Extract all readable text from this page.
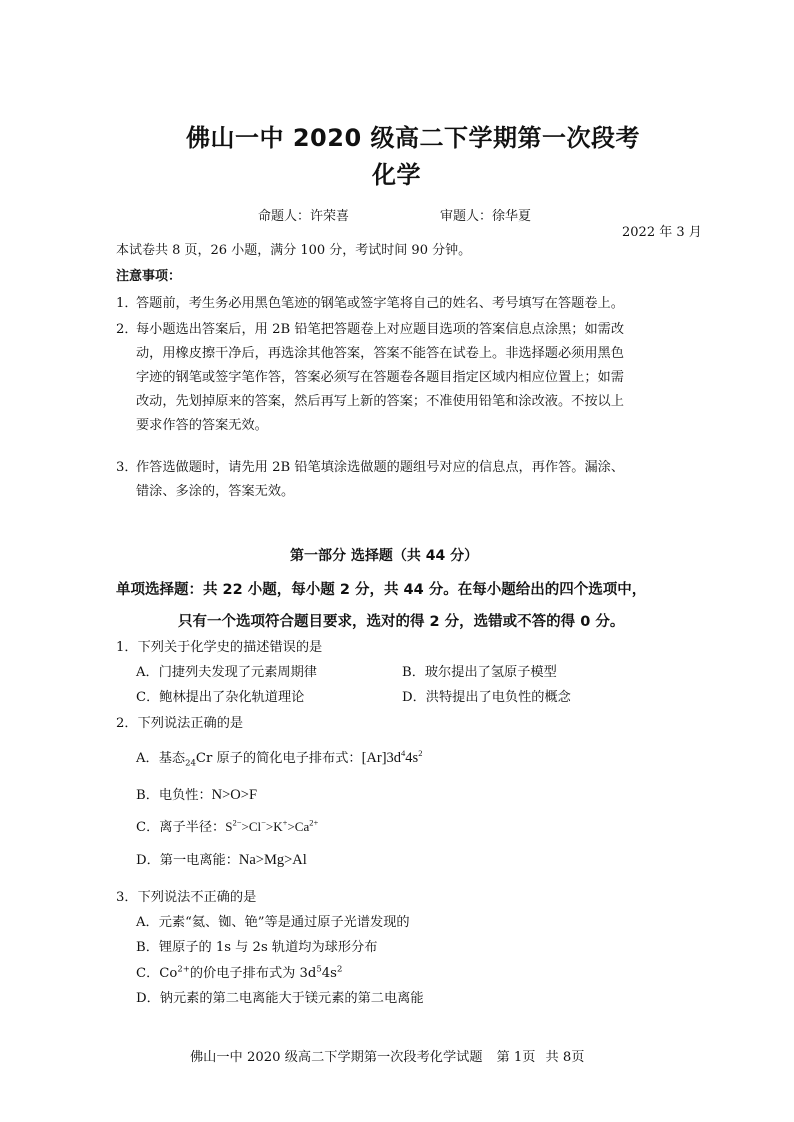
佛山一中 2020 级高二下学期第一次段考
化学
命题人：许荣喜	审题人：徐华夏
2022 年 3 月
本试卷共 8 页，26 小题，满分 100 分，考试时间 90 分钟。
注意事项：
1．
答题前，考生务必用黑色笔迹的钢笔或签字笔将自己的姓名、考号填写在答题卷上。
2．
每小题选出答案后，用 2B 铅笔把答题卷上对应题目选项的答案信息点涂黑；如需改
动，用橡皮擦干净后，再选涂其他答案，答案不能答在试卷上。非选择题必须用黑色
字迹的钢笔或签字笔作答，答案必须写在答题卷各题目指定区域内相应位置上；如需
改动，先划掉原来的答案，然后再写上新的答案；不准使用铅笔和涂改液。不按以上
要求作答的答案无效。
3．
作答选做题时，请先用 2B 铅笔填涂选做题的题组号对应的信息点，再作答。漏涂、
错涂、多涂的，答案无效。
第一部分 选择题（共 44 分）
单项选择题：共 22 小题，每小题 2 分，共 44 分。在每小题给出的四个选项中，
只有一个选项符合题目要求，选对的得 2 分，选错或不答的得 0 分。
1．下列关于化学史的描述错误的是
A．门捷列夫发现了元素周期律	B．玻尔提出了氢原子模型
C．鲍林提出了杂化轨道理论	D．洪特提出了电负性的概念
2．下列说法正确的是
A．基态$_{24}$Cr 原子的简化电子排布式：$[Ar]3d^44s^2$
B．电负性：N>O>F
C．离子半径：$S^{2-}>Cl^->K^+>Ca^{2+}$
D．第一电离能：Na>Mg>Al
3．下列说法不正确的是
A．元素“氦、铷、铯”等是通过原子光谱发现的
B．锂原子的 1s 与 2s 轨道均为球形分布
C．$Co^{2+}$的价电子排布式为 $3d^54s^2$
D．钠元素的第二电离能大于镁元素的第二电离能
佛山一中 2020 级高二下学期第一次段考化学试题 第 1页 共 8页
